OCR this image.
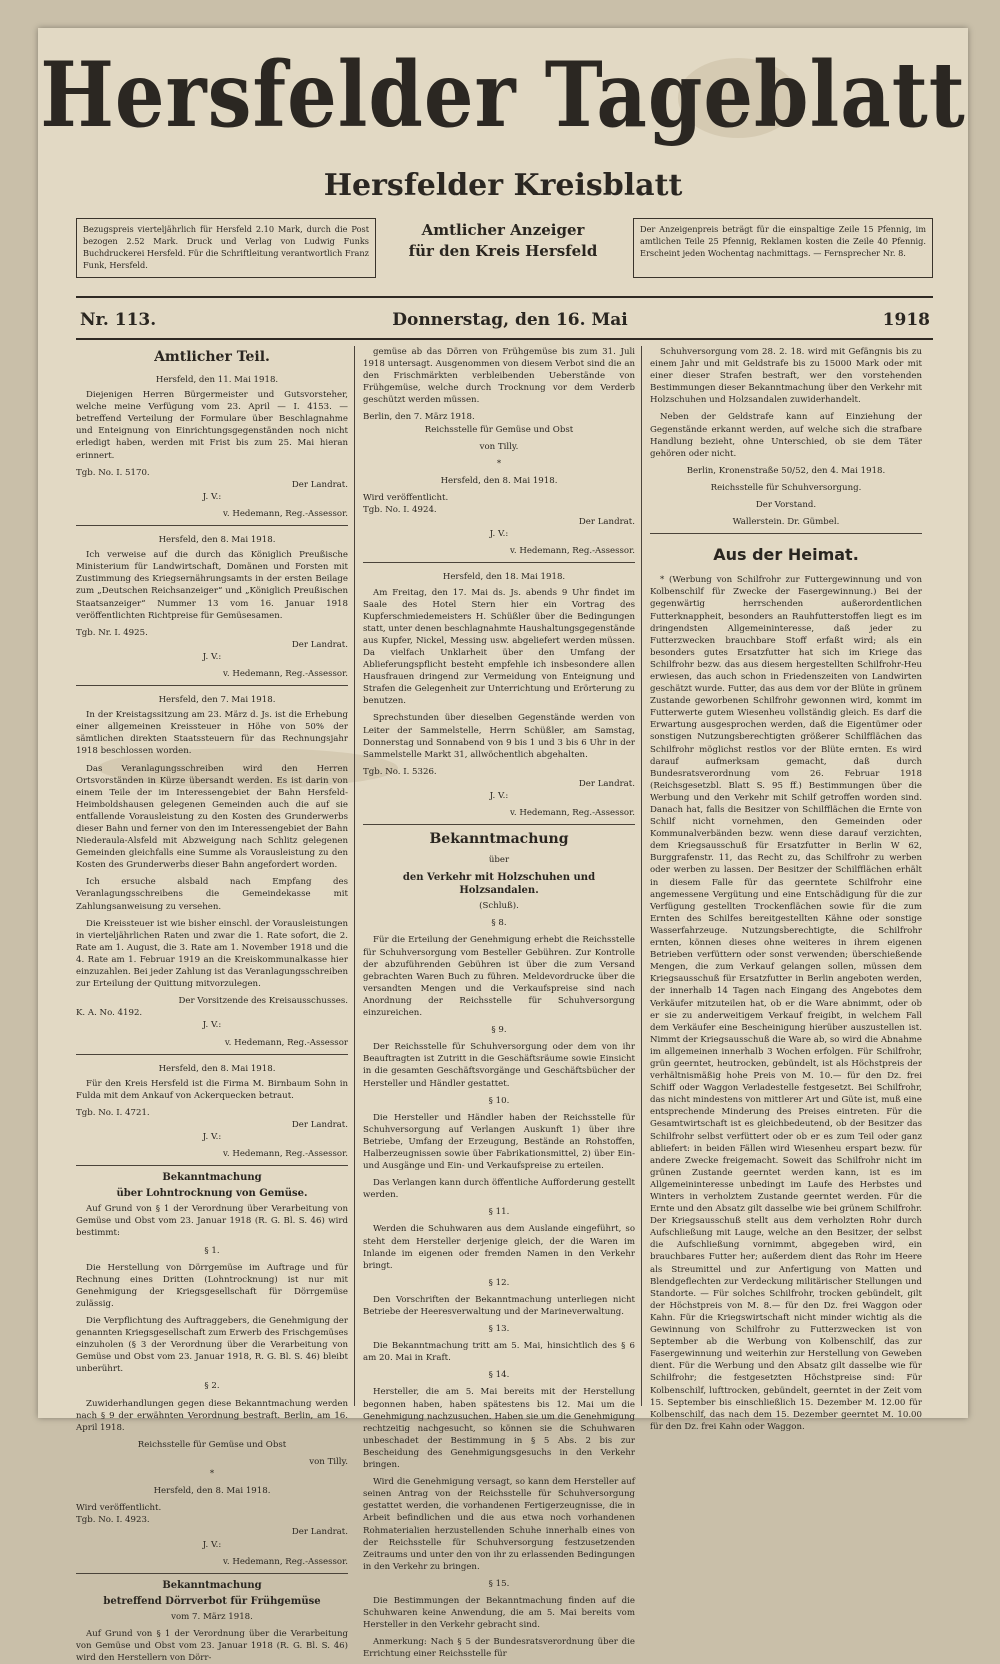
Hersfelder Tageblatt
Hersfelder Kreisblatt
Bezugspreis vierteljährlich für Hersfeld 2.10 Mark, durch die Post bezogen 2.52 Mark. Druck und Verlag von Ludwig Funks Buchdruckerei Hersfeld. Für die Schriftleitung verantwortlich Franz Funk, Hersfeld.
Amtlicher Anzeiger
für den Kreis Hersfeld
Der Anzeigenpreis beträgt für die einspaltige Zeile 15 Pfennig, im amtlichen Teile 25 Pfennig, Reklamen kosten die Zeile 40 Pfennig. Erscheint jeden Wochentag nachmittags. — Fernsprecher Nr. 8.
Nr. 113.	Donnerstag, den 16. Mai	1918
Amtlicher Teil.

Hersfeld, den 11. Mai 1918.

Diejenigen Herren Bürgermeister und Gutsvorsteher, welche meine Verfügung vom 23. April — I. 4153. — betreffend Verteilung der Formulare über Beschlagnahme und Enteignung von Einrichtungsgegenständen noch nicht erledigt haben, werden mit Frist bis zum 25. Mai hieran erinnert.

Tgb. No. I. 5170.

Der Landrat.

J. V.:

v. Hedemann, Reg.-Assessor.

Hersfeld, den 8. Mai 1918.

Ich verweise auf die durch das Königlich Preußische Ministerium für Landwirtschaft, Domänen und Forsten mit Zustimmung des Kriegsernährungsamts in der ersten Beilage zum „Deutschen Reichsanzeiger“ und „Königlich Preußischen Staatsanzeiger“ Nummer 13 vom 16. Januar 1918 veröffentlichten Richtpreise für Gemüsesamen.

Tgb. Nr. I. 4925.

Der Landrat.

J. V.:

v. Hedemann, Reg.-Assessor.

Hersfeld, den 7. Mai 1918.

In der Kreistagssitzung am 23. März d. Js. ist die Erhebung einer allgemeinen Kreissteuer in Höhe von 50% der sämtlichen direkten Staatssteuern für das Rechnungsjahr 1918 beschlossen worden.

Das Veranlagungsschreiben wird den Herren Ortsvorständen in Kürze übersandt werden. Es ist darin von einem Teile der im Interessengebiet der Bahn Hersfeld-Heimboldshausen gelegenen Gemeinden auch die auf sie entfallende Vorausleistung zu den Kosten des Grunderwerbs dieser Bahn und ferner von den im Interessengebiet der Bahn Niederaula-Alsfeld mit Abzweigung nach Schlitz gelegenen Gemeinden gleichfalls eine Summe als Vorausleistung zu den Kosten des Grunderwerbs dieser Bahn angefordert worden.

Ich ersuche alsbald nach Empfang des Veranlagungsschreibens die Gemeindekasse mit Zahlungsanweisung zu versehen.

Die Kreissteuer ist wie bisher einschl. der Vorausleistungen in vierteljährlichen Raten und zwar die 1. Rate sofort, die 2. Rate am 1. August, die 3. Rate am 1. November 1918 und die 4. Rate am 1. Februar 1919 an die Kreiskommunalkasse hier einzuzahlen. Bei jeder Zahlung ist das Veranlagungsschreiben zur Erteilung der Quittung mitvorzulegen.

Der Vorsitzende des Kreisausschusses.

K. A. No. 4192.

J. V.:

v. Hedemann, Reg.-Assessor

Hersfeld, den 8. Mai 1918.

Für den Kreis Hersfeld ist die Firma M. Birnbaum Sohn in Fulda mit dem Ankauf von Ackerquecken betraut.

Tgb. No. I. 4721.

Der Landrat.

J. V.:

v. Hedemann, Reg.-Assessor.

Bekanntmachung
über Lohntrocknung von Gemüse.

Auf Grund von § 1 der Verordnung über Verarbeitung von Gemüse und Obst vom 23. Januar 1918 (R. G. Bl. S. 46) wird bestimmt:

§ 1.

Die Herstellung von Dörrgemüse im Auftrage und für Rechnung eines Dritten (Lohntrocknung) ist nur mit Genehmigung der Kriegsgesellschaft für Dörrgemüse zulässig.

Die Verpflichtung des Auftraggebers, die Genehmigung der genannten Kriegsgesellschaft zum Erwerb des Frischgemüses einzuholen (§ 3 der Verordnung über die Verarbeitung von Gemüse und Obst vom 23. Januar 1918, R. G. Bl. S. 46) bleibt unberührt.

§ 2.

Zuwiderhandlungen gegen diese Bekanntmachung werden nach § 9 der erwähnten Verordnung bestraft. Berlin, am 16. April 1918.

Reichsstelle für Gemüse und Obst

von Tilly.

*

Hersfeld, den 8. Mai 1918.

Wird veröffentlicht.

Tgb. No. I. 4923.

Der Landrat.

J. V.:

v. Hedemann, Reg.-Assessor.

Bekanntmachung
betreffend Dörrverbot für Frühgemüse

vom 7. März 1918.

Auf Grund von § 1 der Verordnung über die Verarbeitung von Gemüse und Obst vom 23. Januar 1918 (R. G. Bl. S. 46) wird den Herstellern von Dörr-

gemüse ab das Dörren von Frühgemüse bis zum 31. Juli 1918 untersagt. Ausgenommen von diesem Verbot sind die an den Frischmärkten verbleibenden Ueberstände von Frühgemüse, welche durch Trocknung vor dem Verderb geschützt werden müssen.

Berlin, den 7. März 1918.

Reichsstelle für Gemüse und Obst

von Tilly.

*

Hersfeld, den 8. Mai 1918.

Wird veröffentlicht.

Tgb. No. I. 4924.

Der Landrat.

J. V.:

v. Hedemann, Reg.-Assessor.

Hersfeld, den 18. Mai 1918.

Am Freitag, den 17. Mai ds. Js. abends 9 Uhr findet im Saale des Hotel Stern hier ein Vortrag des Kupferschmiedemeisters H. Schüßler über die Bedingungen statt, unter denen beschlagnahmte Haushaltungsgegenstände aus Kupfer, Nickel, Messing usw. abgeliefert werden müssen. Da vielfach Unklarheit über den Umfang der Ablieferungspflicht besteht empfehle ich insbesondere allen Hausfrauen dringend zur Vermeidung von Enteignung und Strafen die Gelegenheit zur Unterrichtung und Erörterung zu benutzen.

Sprechstunden über dieselben Gegenstände werden von Leiter der Sammelstelle, Herrn Schüßler, am Samstag, Donnerstag und Sonnabend von 9 bis 1 und 3 bis 6 Uhr in der Sammelstelle Markt 31, allwöchentlich abgehalten.

Tgb. No. I. 5326.

Der Landrat.

J. V.:

v. Hedemann, Reg.-Assessor.

Bekanntmachung

über

den Verkehr mit Holzschuhen und Holzsandalen.

(Schluß).

§ 8.

Für die Erteilung der Genehmigung erhebt die Reichsstelle für Schuhversorgung vom Besteller Gebühren. Zur Kontrolle der abzuführenden Gebühren ist über die zum Versand gebrachten Waren Buch zu führen. Meldevordrucke über die versandten Mengen und die Verkaufspreise sind nach Anordnung der Reichsstelle für Schuhversorgung einzureichen.

§ 9.

Der Reichsstelle für Schuhversorgung oder dem von ihr Beauftragten ist Zutritt in die Geschäftsräume sowie Einsicht in die gesamten Geschäftsvorgänge und Geschäftsbücher der Hersteller und Händler gestattet.

§ 10.

Die Hersteller und Händler haben der Reichsstelle für Schuhversorgung auf Verlangen Auskunft 1) über ihre Betriebe, Umfang der Erzeugung, Bestände an Rohstoffen, Halberzeugnissen sowie über Fabrikationsmittel, 2) über Ein- und Ausgänge und Ein- und Verkaufspreise zu erteilen.

Das Verlangen kann durch öffentliche Aufforderung gestellt werden.

§ 11.

Werden die Schuhwaren aus dem Auslande eingeführt, so steht dem Hersteller derjenige gleich, der die Waren im Inlande im eigenen oder fremden Namen in den Verkehr bringt.

§ 12.

Den Vorschriften der Bekanntmachung unterliegen nicht Betriebe der Heeresverwaltung und der Marineverwaltung.

§ 13.

Die Bekanntmachung tritt am 5. Mai, hinsichtlich des § 6 am 20. Mai in Kraft.

§ 14.

Hersteller, die am 5. Mai bereits mit der Herstellung begonnen haben, haben spätestens bis 12. Mai um die Genehmigung nachzusuchen. Haben sie um die Genehmigung rechtzeitig nachgesucht, so können sie die Schuhwaren unbeschadet der Bestimmung in § 5 Abs. 2 bis zur Bescheidung des Genehmigungsgesuchs in den Verkehr bringen.

Wird die Genehmigung versagt, so kann dem Hersteller auf seinen Antrag von der Reichsstelle für Schuhversorgung gestattet werden, die vorhandenen Fertigerzeugnisse, die in Arbeit befindlichen und die aus etwa noch vorhandenen Rohmaterialien herzustellenden Schuhe innerhalb eines von der Reichsstelle für Schuhversorgung festzusetzenden Zeitraums und unter den von ihr zu erlassenden Bedingungen in den Verkehr zu bringen.

§ 15.

Die Bestimmungen der Bekanntmachung finden auf die Schuhwaren keine Anwendung, die am 5. Mai bereits vom Hersteller in den Verkehr gebracht sind.

Anmerkung: Nach § 5 der Bundesratsverordnung über die Errichtung einer Reichsstelle für

Schuhversorgung vom 28. 2. 18. wird mit Gefängnis bis zu einem Jahr und mit Geldstrafe bis zu 15000 Mark oder mit einer dieser Strafen bestraft, wer den vorstehenden Bestimmungen dieser Bekanntmachung über den Verkehr mit Holzschuhen und Holzsandalen zuwiderhandelt.

Neben der Geldstrafe kann auf Einziehung der Gegenstände erkannt werden, auf welche sich die strafbare Handlung bezieht, ohne Unterschied, ob sie dem Täter gehören oder nicht.

Berlin, Kronenstraße 50/52, den 4. Mai 1918.

Reichsstelle für Schuhversorgung.

Der Vorstand.

Wallerstein. Dr. Gümbel.

Aus der Heimat.

* (Werbung von Schilfrohr zur Futtergewinnung und von Kolbenschilf für Zwecke der Fasergewinnung.) Bei der gegenwärtig herrschenden außerordentlichen Futterknappheit, besonders an Rauhfutterstoffen liegt es im dringendsten Allgemeininteresse, daß jeder zu Futterzwecken brauchbare Stoff erfaßt wird; als ein besonders gutes Ersatzfutter hat sich im Kriege das Schilfrohr bezw. das aus diesem hergestellten Schilfrohr-Heu erwiesen, das auch schon in Friedenszeiten von Landwirten geschätzt wurde. Futter, das aus dem vor der Blüte in grünem Zustande geworbenen Schilfrohr gewonnen wird, kommt im Futterwerte gutem Wiesenheu vollständig gleich. Es darf die Erwartung ausgesprochen werden, daß die Eigentümer oder sonstigen Nutzungsberechtigten größerer Schilfflächen das Schilfrohr möglichst restlos vor der Blüte ernten. Es wird darauf aufmerksam gemacht, daß durch Bundesratsverordnung vom 26. Februar 1918 (Reichsgesetzbl. Blatt S. 95 ff.) Bestimmungen über die Werbung und den Verkehr mit Schilf getroffen worden sind. Danach hat, falls die Besitzer von Schilfflächen die Ernte von Schilf nicht vornehmen, den Gemeinden oder Kommunalverbänden bezw. wenn diese darauf verzichten, dem Kriegsausschuß für Ersatzfutter in Berlin W 62, Burggrafenstr. 11, das Recht zu, das Schilfrohr zu werben oder werben zu lassen. Der Besitzer der Schilfflächen erhält in diesem Falle für das geerntete Schilfrohr eine angemessene Vergütung und eine Entschädigung für die zur Verfügung gestellten Trockenflächen sowie für die zum Ernten des Schilfes bereitgestellten Kähne oder sonstige Wasserfahrzeuge. Nutzungsberechtigte, die Schilfrohr ernten, können dieses ohne weiteres in ihrem eigenen Betrieben verfüttern oder sonst verwenden; überschießende Mengen, die zum Verkauf gelangen sollen, müssen dem Kriegsausschuß für Ersatzfutter in Berlin angeboten werden, der innerhalb 14 Tagen nach Eingang des Angebotes dem Verkäufer mitzuteilen hat, ob er die Ware abnimmt, oder ob er sie zu anderweitigem Verkauf freigibt, in welchem Fall dem Verkäufer eine Bescheinigung hierüber auszustellen ist. Nimmt der Kriegsausschuß die Ware ab, so wird die Abnahme im allgemeinen innerhalb 3 Wochen erfolgen. Für Schilfrohr, grün geerntet, heutrocken, gebündelt, ist als Höchstpreis der verhältnismäßig hohe Preis von M. 10.— für den Dz. frei Schiff oder Waggon Verladestelle festgesetzt. Bei Schilfrohr, das nicht mindestens von mittlerer Art und Güte ist, muß eine entsprechende Minderung des Preises eintreten. Für die Gesamtwirtschaft ist es gleichbedeutend, ob der Besitzer das Schilfrohr selbst verfüttert oder ob er es zum Teil oder ganz abliefert: in beiden Fällen wird Wiesenheu erspart bezw. für andere Zwecke freigemacht. Soweit das Schilfrohr nicht im grünen Zustande geerntet werden kann, ist es im Allgemeininteresse unbedingt im Laufe des Herbstes und Winters in verholztem Zustande geerntet werden. Für die Ernte und den Absatz gilt dasselbe wie bei grünem Schilfrohr. Der Kriegsausschuß stellt aus dem verholzten Rohr durch Aufschließung mit Lauge, welche an den Besitzer, der selbst die Aufschließung vornimmt, abgegeben wird, ein brauchbares Futter her; außerdem dient das Rohr im Heere als Streumittel und zur Anfertigung von Matten und Blendgeflechten zur Verdeckung militärischer Stellungen und Standorte. — Für solches Schilfrohr, trocken gebündelt, gilt der Höchstpreis von M. 8.— für den Dz. frei Waggon oder Kahn. Für die Kriegswirtschaft nicht minder wichtig als die Gewinnung von Schilfrohr zu Futterzwecken ist von September ab die Werbung von Kolbenschilf, das zur Fasergewinnung und weiterhin zur Herstellung von Geweben dient. Für die Werbung und den Absatz gilt dasselbe wie für Schilfrohr; die festgesetzten Höchstpreise sind: Für Kolbenschilf, lufttrocken, gebündelt, geerntet in der Zeit vom 15. September bis einschließlich 15. Dezember M. 12.00 für Kolbenschilf, das nach dem 15. Dezember geerntet M. 10.00 für den Dz. frei Kahn oder Waggon.
